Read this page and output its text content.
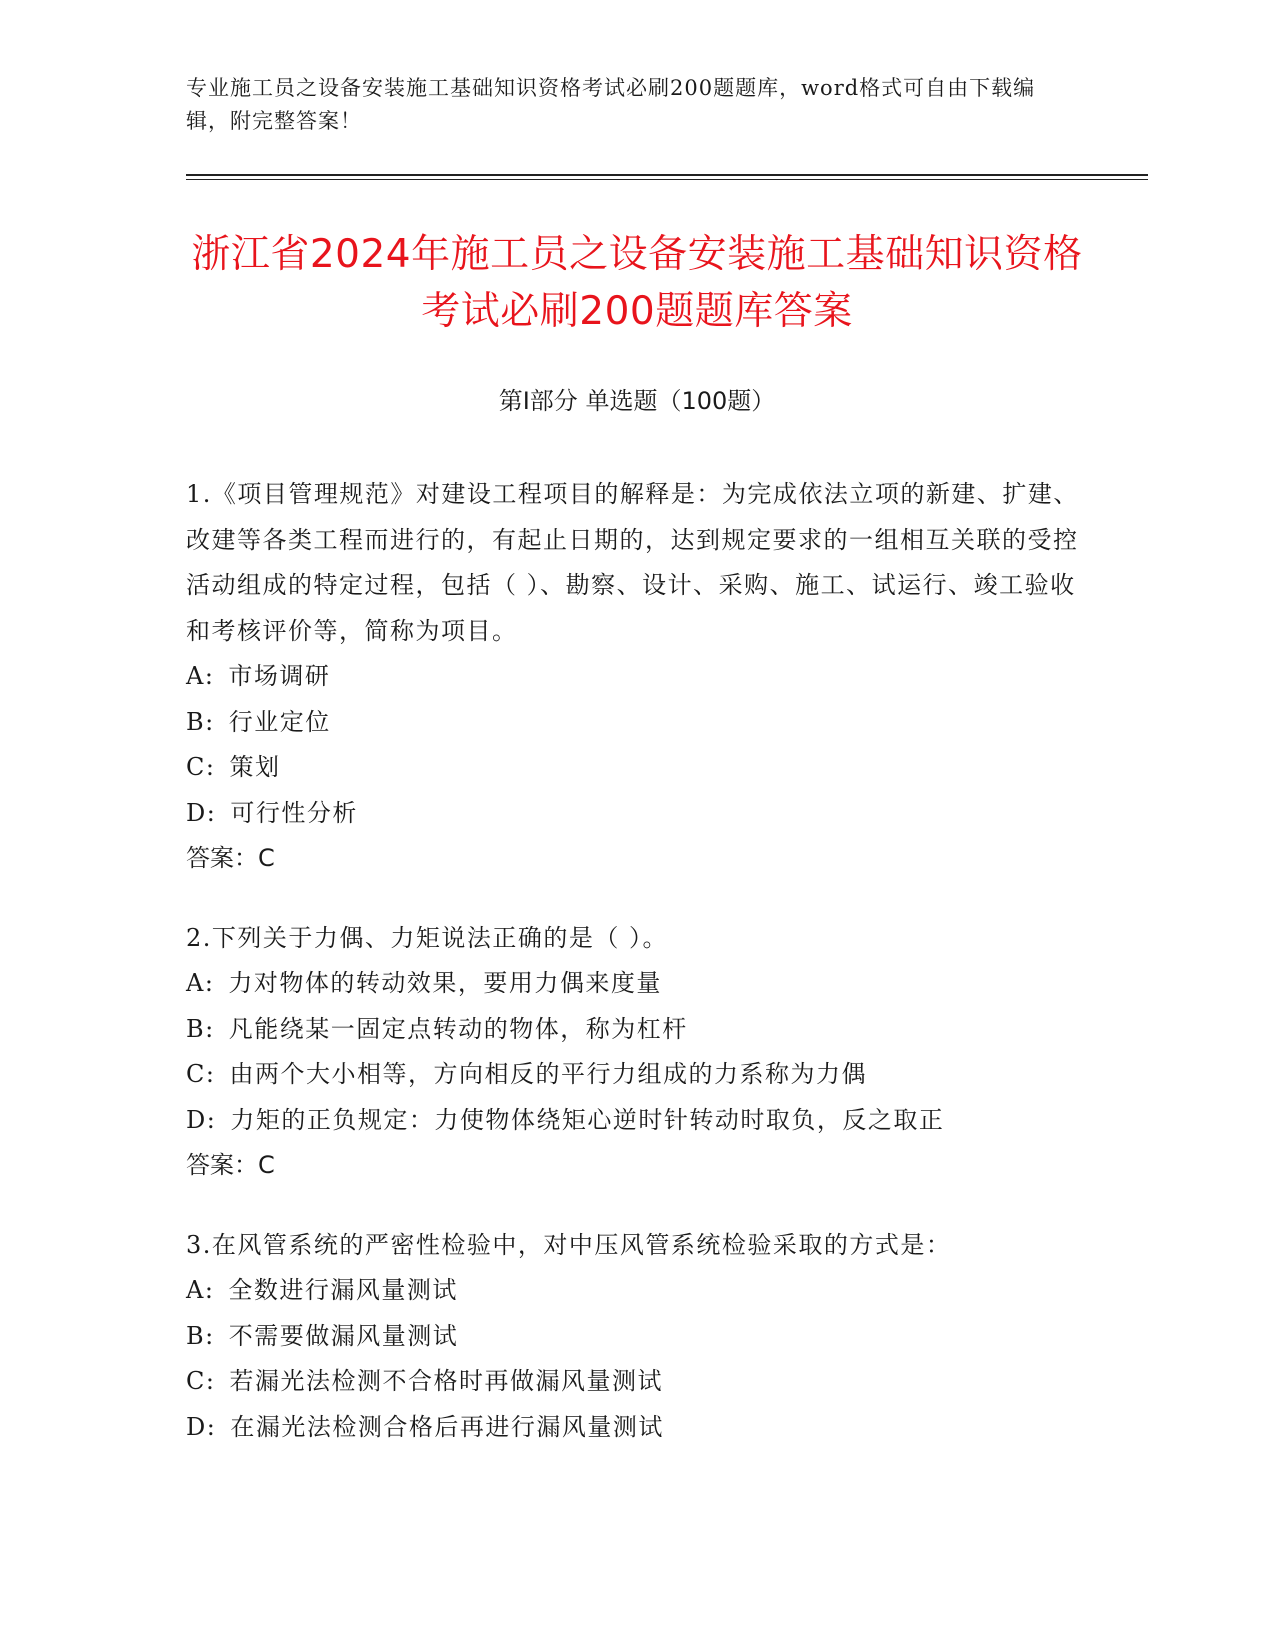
专业施工员之设备安装施工基础知识资格考试必刷200题题库，word格式可自由下载编辑，附完整答案！
浙江省2024年施工员之设备安装施工基础知识资格考试必刷200题题库答案
第I部分 单选题（100题）
1.《项目管理规范》对建设工程项目的解释是：为完成依法立项的新建、扩建、改建等各类工程而进行的，有起止日期的，达到规定要求的一组相互关联的受控活动组成的特定过程，包括（ ）、勘察、设计、采购、施工、试运行、竣工验收和考核评价等，简称为项目。
A: 市场调研
B: 行业定位
C: 策划
D: 可行性分析
答案：C
2.下列关于力偶、力矩说法正确的是（ ）。
A: 力对物体的转动效果，要用力偶来度量
B: 凡能绕某一固定点转动的物体，称为杠杆
C: 由两个大小相等，方向相反的平行力组成的力系称为力偶
D: 力矩的正负规定：力使物体绕矩心逆时针转动时取负，反之取正
答案：C
3.在风管系统的严密性检验中，对中压风管系统检验采取的方式是：
A: 全数进行漏风量测试
B: 不需要做漏风量测试
C: 若漏光法检测不合格时再做漏风量测试
D: 在漏光法检测合格后再进行漏风量测试
